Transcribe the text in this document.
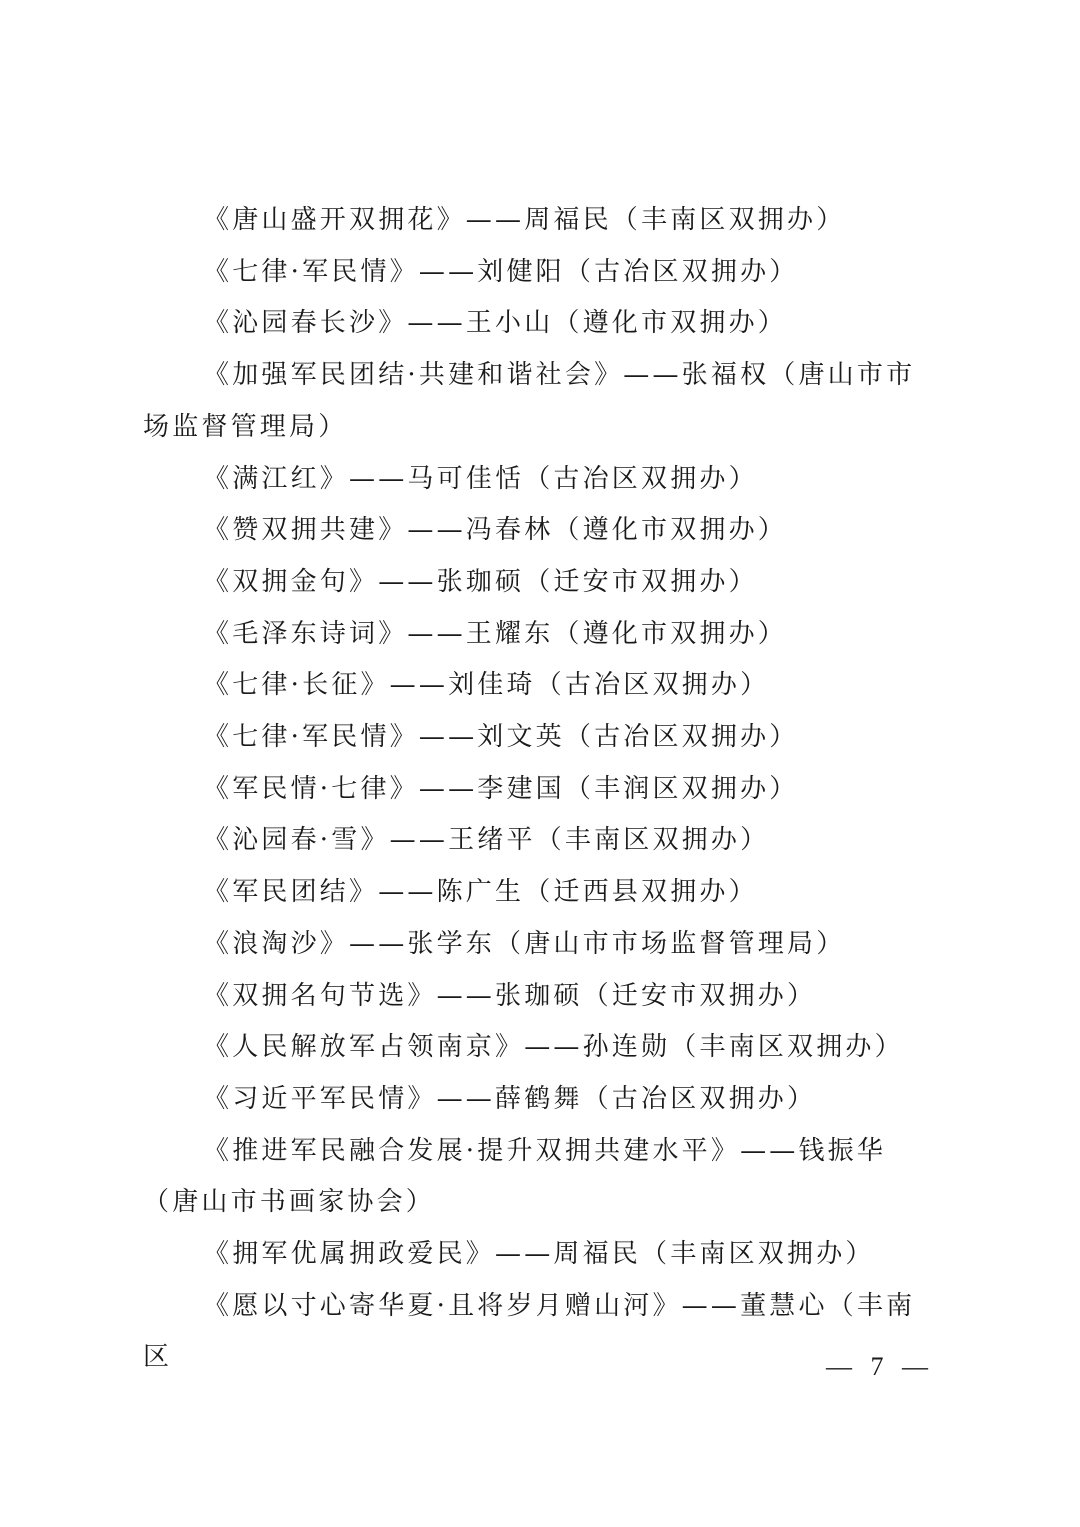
《唐山盛开双拥花》——周福民（丰南区双拥办）

《七律·军民情》——刘健阳（古冶区双拥办）

《沁园春长沙》——王小山（遵化市双拥办）

《加强军民团结·共建和谐社会》——张福权（唐山市市场监督管理局）

《满江红》——马可佳恬（古冶区双拥办）

《赞双拥共建》——冯春林（遵化市双拥办）

《双拥金句》——张珈硕（迁安市双拥办）

《毛泽东诗词》——王耀东（遵化市双拥办）

《七律·长征》——刘佳琦（古冶区双拥办）

《七律·军民情》——刘文英（古冶区双拥办）

《军民情·七律》——李建国（丰润区双拥办）

《沁园春·雪》——王绪平（丰南区双拥办）

《军民团结》——陈广生（迁西县双拥办）

《浪淘沙》——张学东（唐山市市场监督管理局）

《双拥名句节选》——张珈硕（迁安市双拥办）

《人民解放军占领南京》——孙连勋（丰南区双拥办）

《习近平军民情》——薛鹤舞（古冶区双拥办）

《推进军民融合发展·提升双拥共建水平》——钱振华（唐山市书画家协会）

《拥军优属拥政爱民》——周福民（丰南区双拥办）

《愿以寸心寄华夏·且将岁月赠山河》——董慧心（丰南区	— 7 —
